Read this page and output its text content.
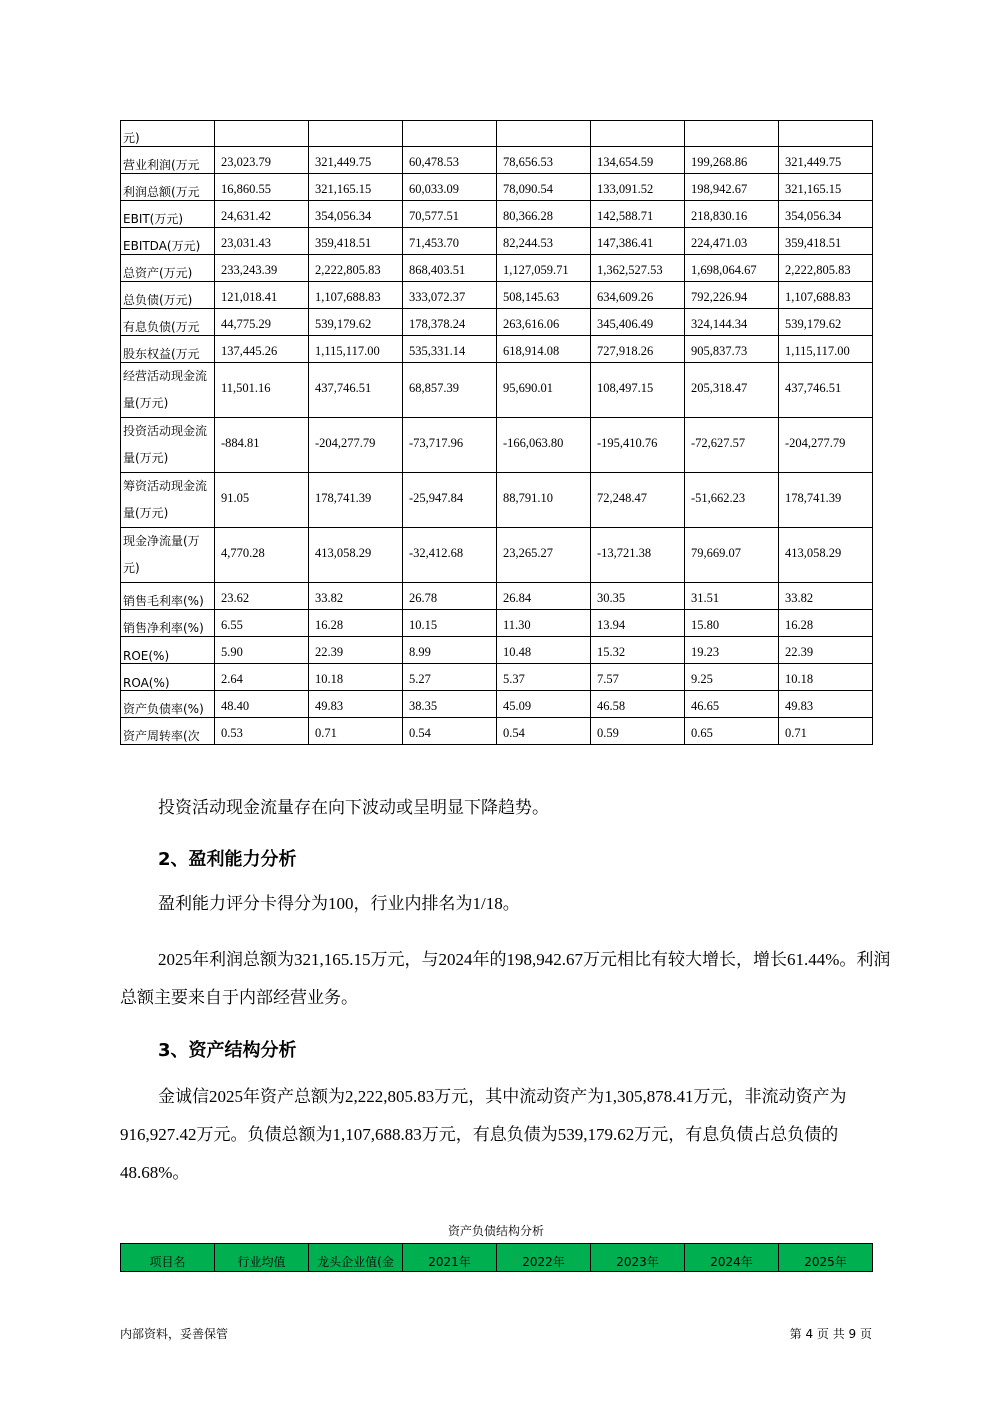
元)							
营业利润(万元	23,023.79	321,449.75	60,478.53	78,656.53	134,654.59	199,268.86	321,449.75
利润总额(万元	16,860.55	321,165.15	60,033.09	78,090.54	133,091.52	198,942.67	321,165.15
EBIT(万元)	24,631.42	354,056.34	70,577.51	80,366.28	142,588.71	218,830.16	354,056.34
EBITDA(万元)	23,031.43	359,418.51	71,453.70	82,244.53	147,386.41	224,471.03	359,418.51
总资产(万元)	233,243.39	2,222,805.83	868,403.51	1,127,059.71	1,362,527.53	1,698,064.67	2,222,805.83
总负债(万元)	121,018.41	1,107,688.83	333,072.37	508,145.63	634,609.26	792,226.94	1,107,688.83
有息负债(万元	44,775.29	539,179.62	178,378.24	263,616.06	345,406.49	324,144.34	539,179.62
股东权益(万元	137,445.26	1,115,117.00	535,331.14	618,914.08	727,918.26	905,837.73	1,115,117.00
经营活动现金流量(万元)	11,501.16	437,746.51	68,857.39	95,690.01	108,497.15	205,318.47	437,746.51
投资活动现金流量(万元)	-884.81	-204,277.79	-73,717.96	-166,063.80	-195,410.76	-72,627.57	-204,277.79
筹资活动现金流量(万元)	91.05	178,741.39	-25,947.84	88,791.10	72,248.47	-51,662.23	178,741.39
现金净流量(万元)	4,770.28	413,058.29	-32,412.68	23,265.27	-13,721.38	79,669.07	413,058.29
销售毛利率(%)	23.62	33.82	26.78	26.84	30.35	31.51	33.82
销售净利率(%)	6.55	16.28	10.15	11.30	13.94	15.80	16.28
ROE(%)	5.90	22.39	8.99	10.48	15.32	19.23	22.39
ROA(%)	2.64	10.18	5.27	5.37	7.57	9.25	10.18
资产负债率(%)	48.40	49.83	38.35	45.09	46.58	46.65	49.83
资产周转率(次	0.53	0.71	0.54	0.54	0.59	0.65	0.71

投资活动现金流量存在向下波动或呈明显下降趋势。

2、盈利能力分析

盈利能力评分卡得分为100，行业内排名为1/18。

2025年利润总额为321,165.15万元，与2024年的198,942.67万元相比有较大增长，增长61.44%。利润总额主要来自于内部经营业务。

3、资产结构分析

金诚信2025年资产总额为2,222,805.83万元，其中流动资产为1,305,878.41万元，非流动资产为916,927.42万元。负债总额为1,107,688.83万元，有息负债为539,179.62万元，有息负债占总负债的48.68%。

资产负债结构分析
项目名	行业均值	龙头企业值(金	2021年	2022年	2023年	2024年	2025年
内部资料，妥善保管	第 4 页 共 9 页
